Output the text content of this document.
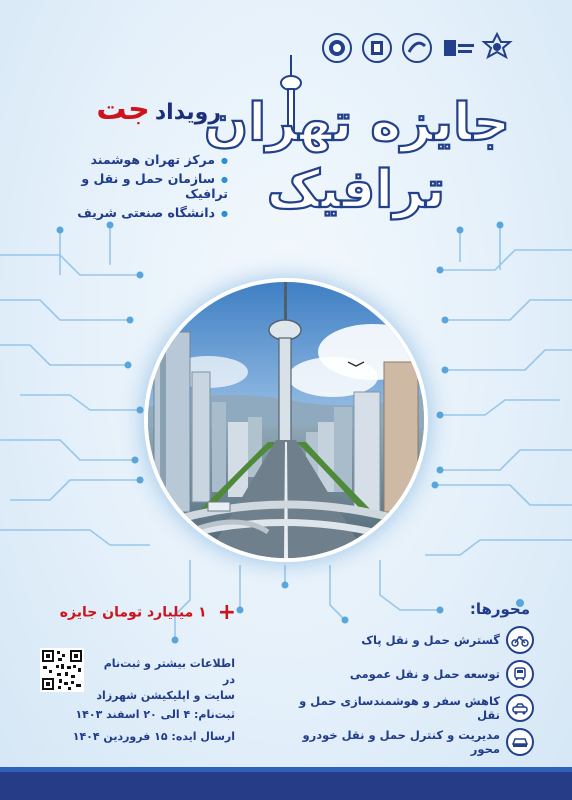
رویداد جت
● مرکز تهران هوشمند
● سازمان حمل و نقل و ترافیک
● دانشگاه صنعتی شریف
جایزه تهران
ترافیک
+ ۱ میلیارد تومان جایزه
اطلاعات بیشتر و ثبت‌نام در
سایت و اپلیکیشن شهرزاد
ثبت‌نام: ۴ الی ۲۰ اسفند ۱۴۰۳
ارسال ایده: ۱۵ فروردین ۱۴۰۴
محورها:
گسترش حمل و نقل پاک
توسعه حمل و نقل عمومی
کاهش سفر و هوشمندسازی حمل و نقل
مدیریت و کنترل حمل و نقل خودرو محور
